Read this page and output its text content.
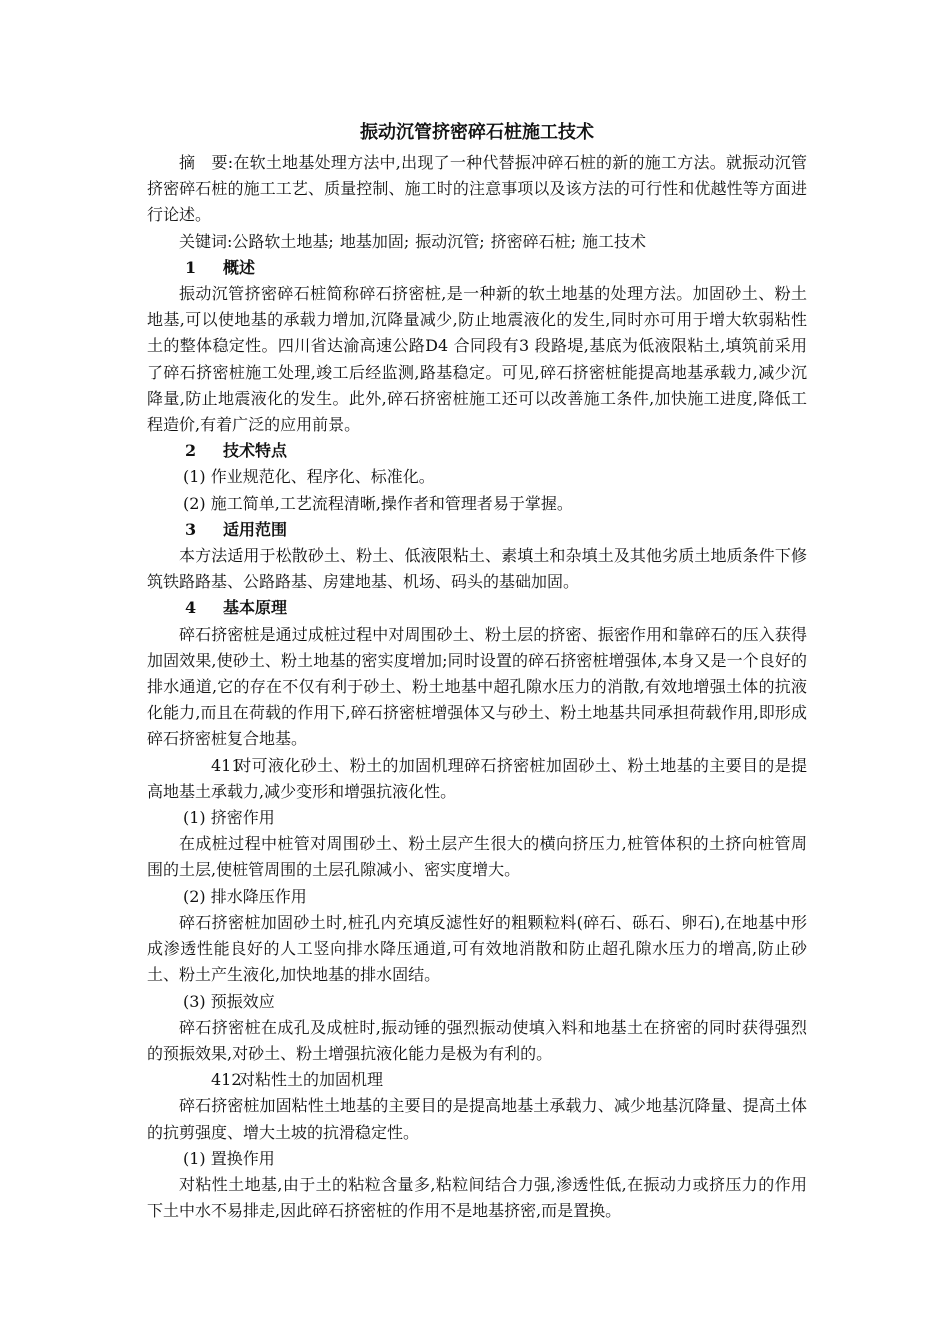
振动沉管挤密碎石桩施工技术

摘　要:在软土地基处理方法中,出现了一种代替振冲碎石桩的新的施工方法。就振动沉管挤密碎石桩的施工工艺、质量控制、施工时的注意事项以及该方法的可行性和优越性等方面进行论述。

关键词:公路软土地基; 地基加固; 振动沉管; 挤密碎石桩; 施工技术

1 概述

振动沉管挤密碎石桩简称碎石挤密桩,是一种新的软土地基的处理方法。加固砂土、粉土地基,可以使地基的承载力增加,沉降量减少,防止地震液化的发生,同时亦可用于增大软弱粘性土的整体稳定性。四川省达渝高速公路D4 合同段有3 段路堤,基底为低液限粘土,填筑前采用了碎石挤密桩施工处理,竣工后经监测,路基稳定。可见,碎石挤密桩能提高地基承载力,减少沉降量,防止地震液化的发生。此外,碎石挤密桩施工还可以改善施工条件,加快施工进度,降低工程造价,有着广泛的应用前景。

2 技术特点

(1) 作业规范化、程序化、标准化。

(2) 施工简单,工艺流程清晰,操作者和管理者易于掌握。

3 适用范围

本方法适用于松散砂土、粉土、低液限粘土、素填土和杂填土及其他劣质土地质条件下修筑铁路路基、公路路基、房建地基、机场、码头的基础加固。

4 基本原理

碎石挤密桩是通过成桩过程中对周围砂土、粉土层的挤密、振密作用和靠碎石的压入获得加固效果,使砂土、粉土地基的密实度增加;同时设置的碎石挤密桩增强体,本身又是一个良好的排水通道,它的存在不仅有利于砂土、粉土地基中超孔隙水压力的消散,有效地增强土体的抗液化能力,而且在荷载的作用下,碎石挤密桩增强体又与砂土、粉土地基共同承担荷载作用,即形成碎石挤密桩复合地基。

411对可液化砂土、粉土的加固机理碎石挤密桩加固砂土、粉土地基的主要目的是提高地基土承载力,减少变形和增强抗液化性。

(1) 挤密作用

在成桩过程中桩管对周围砂土、粉土层产生很大的横向挤压力,桩管体积的土挤向桩管周围的土层,使桩管周围的土层孔隙减小、密实度增大。

(2) 排水降压作用

碎石挤密桩加固砂土时,桩孔内充填反滤性好的粗颗粒料(碎石、砾石、卵石),在地基中形成渗透性能良好的人工竖向排水降压通道,可有效地消散和防止超孔隙水压力的增高,防止砂土、粉土产生液化,加快地基的排水固结。

(3) 预振效应

碎石挤密桩在成孔及成桩时,振动锤的强烈振动使填入料和地基土在挤密的同时获得强烈的预振效果,对砂土、粉土增强抗液化能力是极为有利的。

412对粘性土的加固机理

碎石挤密桩加固粘性土地基的主要目的是提高地基土承载力、减少地基沉降量、提高土体的抗剪强度、增大土坡的抗滑稳定性。

(1) 置换作用

对粘性土地基,由于土的粘粒含量多,粘粒间结合力强,渗透性低,在振动力或挤压力的作用下土中水不易排走,因此碎石挤密桩的作用不是地基挤密,而是置换。
